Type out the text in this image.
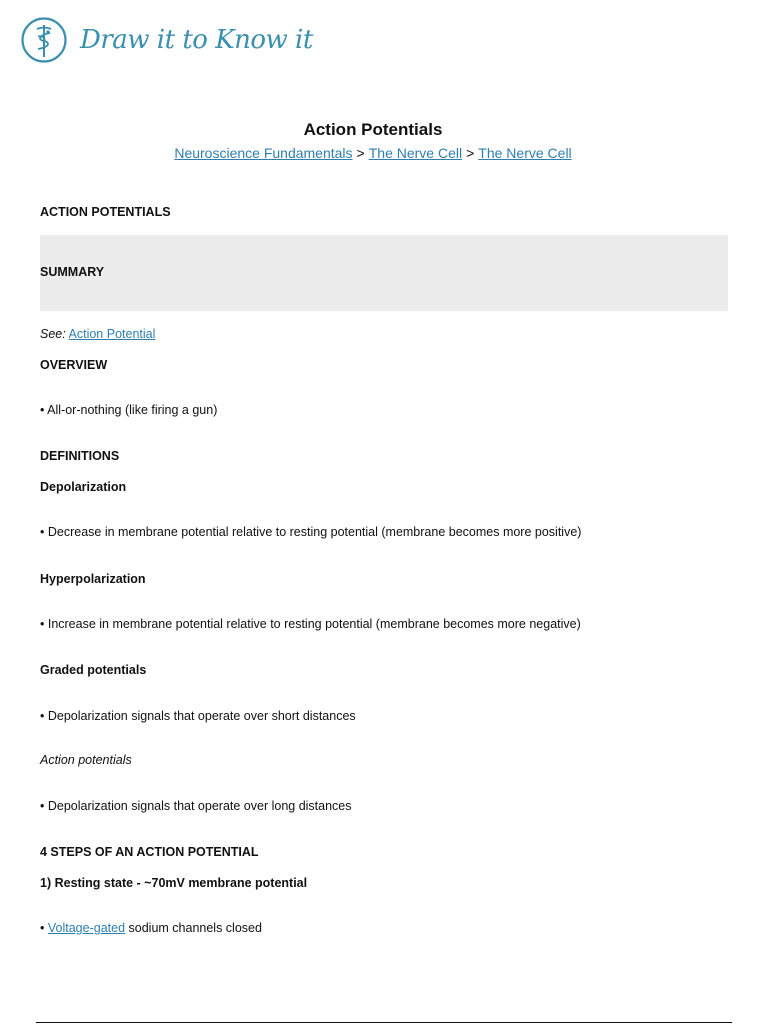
Draw it to Know it
Action Potentials
Neuroscience Fundamentals > The Nerve Cell > The Nerve Cell
SUMMARY
ACTION POTENTIALS
See: Action Potential
OVERVIEW
• All-or-nothing (like firing a gun)
DEFINITIONS
Depolarization
• Decrease in membrane potential relative to resting potential (membrane becomes more positive)
Hyperpolarization
• Increase in membrane potential relative to resting potential (membrane becomes more negative)
Graded potentials
• Depolarization signals that operate over short distances
Action potentials
• Depolarization signals that operate over long distances
4 STEPS OF AN ACTION POTENTIAL
1) Resting state - ~70mV membrane potential
• Voltage-gated sodium channels closed
